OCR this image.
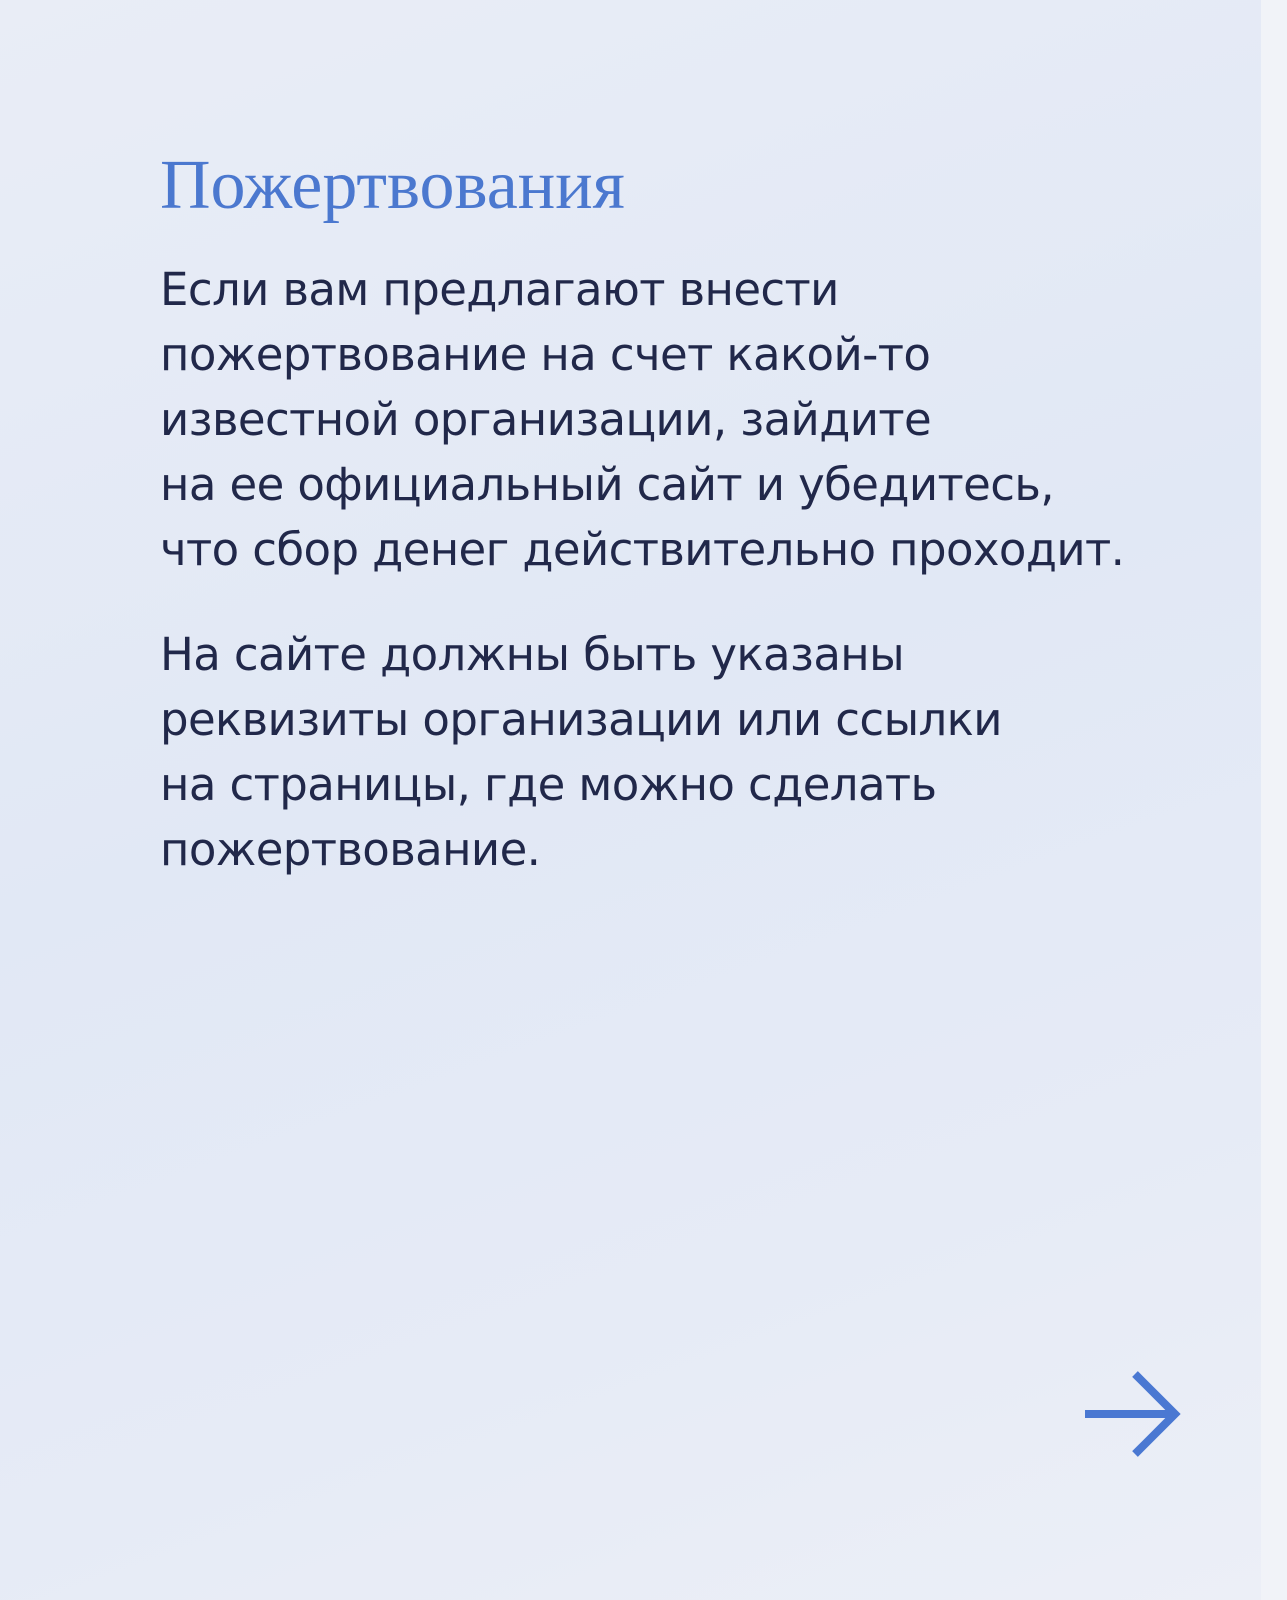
Пожертвования

Если вам предлагают внести
пожертвование на счет какой-то
известной организации, зайдите
на ее официальный сайт и убедитесь,
что сбор денег действительно проходит.

На сайте должны быть указаны
реквизиты организации или ссылки
на страницы, где можно сделать
пожертвование.
